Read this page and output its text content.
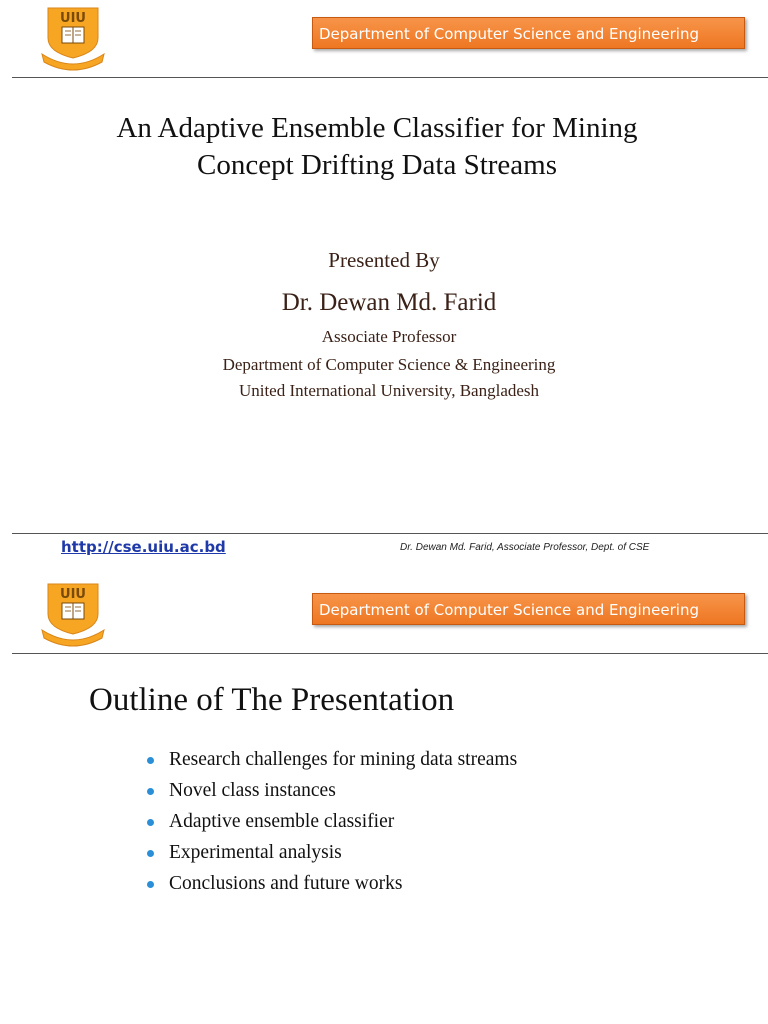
UIU
Department of Computer Science and Engineering
An Adaptive Ensemble Classifier for Mining
Concept Drifting Data Streams
Presented By
Dr. Dewan Md. Farid
Associate Professor
Department of Computer Science & Engineering
United International University, Bangladesh
http://cse.uiu.ac.bd	Dr. Dewan Md. Farid, Associate Professor, Dept. of CSE
UIU
Department of Computer Science and Engineering
Outline of The Presentation
Research challenges for mining data streams
Novel class instances
Adaptive ensemble classifier
Experimental analysis
Conclusions and future works
